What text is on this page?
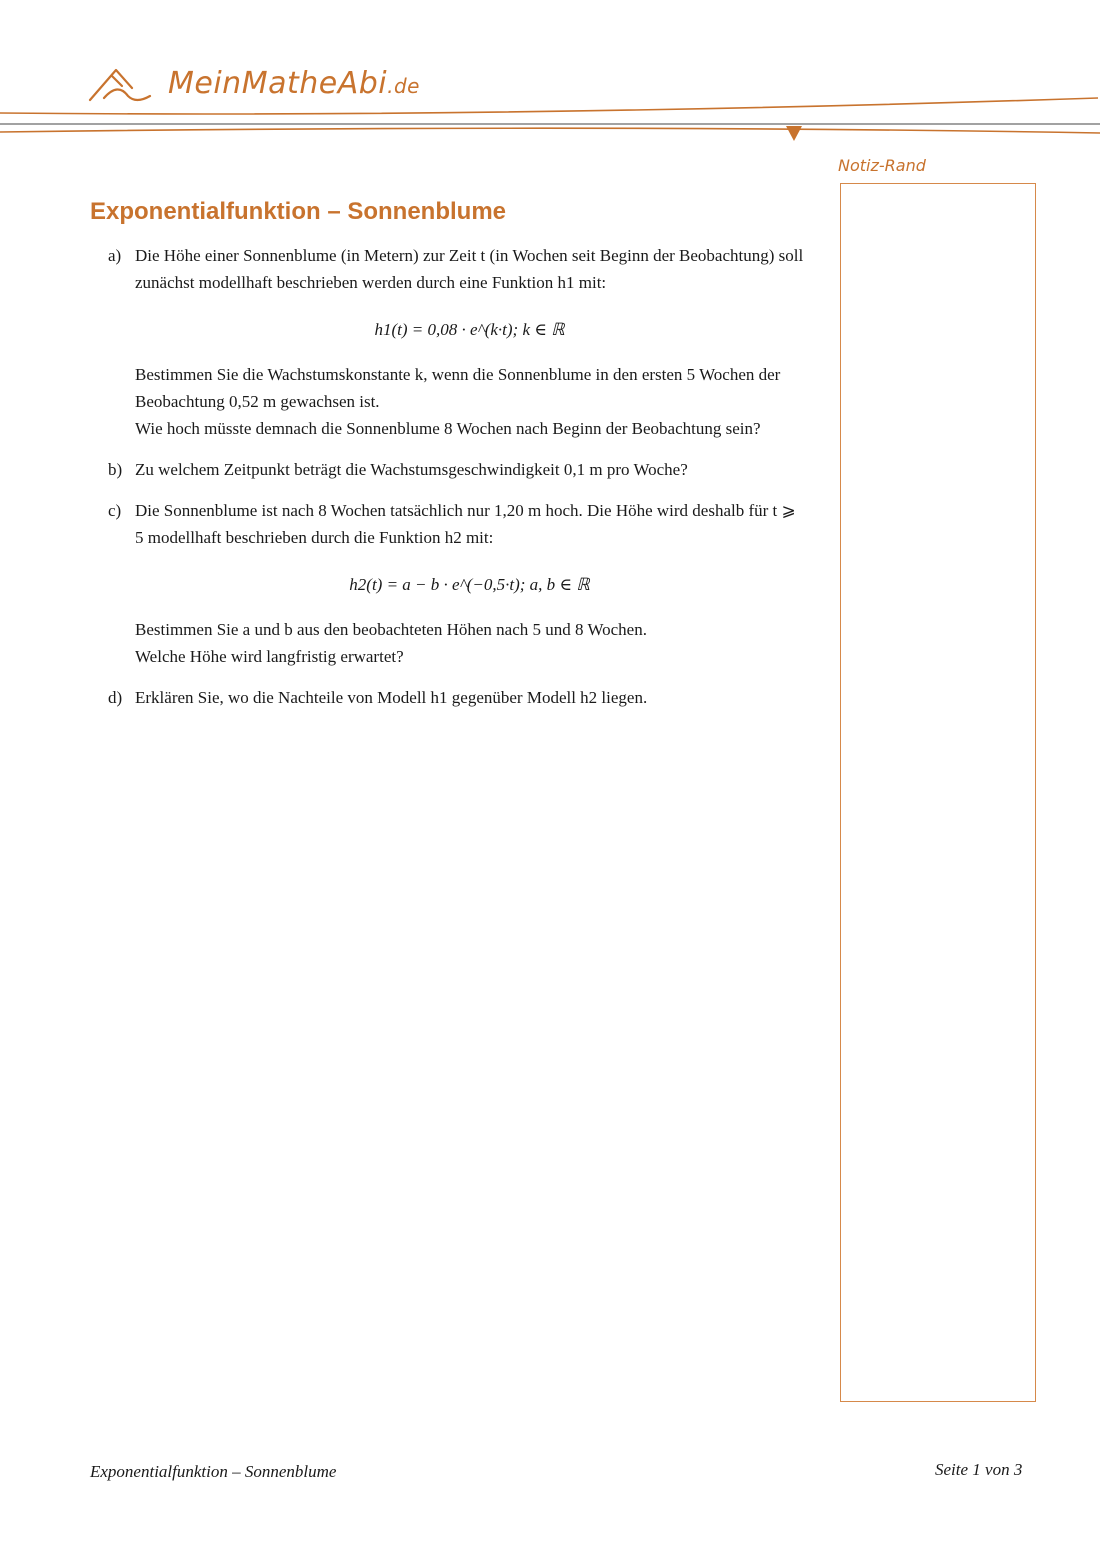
MeinMatheAbi.de
Notiz-Rand
Exponentialfunktion – Sonnenblume
a) Die Höhe einer Sonnenblume (in Metern) zur Zeit t (in Wochen seit Beginn der Beobachtung) soll zunächst modellhaft beschrieben werden durch eine Funktion h1 mit:

h1(t) = 0,08 · e^(k·t); k ∈ ℝ

Bestimmen Sie die Wachstumskonstante k, wenn die Sonnenblume in den ersten 5 Wochen der Beobachtung 0,52 m gewachsen ist.

Wie hoch müsste demnach die Sonnenblume 8 Wochen nach Beginn der Beobachtung sein?

b) Zu welchem Zeitpunkt beträgt die Wachstumsgeschwindigkeit 0,1 m pro Woche?

c) Die Sonnenblume ist nach 8 Wochen tatsächlich nur 1,20 m hoch. Die Höhe wird deshalb für t ⩾ 5 modellhaft beschrieben durch die Funktion h2 mit:

h2(t) = a − b · e^(−0,5·t); a, b ∈ ℝ

Bestimmen Sie a und b aus den beobachteten Höhen nach 5 und 8 Wochen.

Welche Höhe wird langfristig erwartet?

d) Erklären Sie, wo die Nachteile von Modell h1 gegenüber Modell h2 liegen.

Exponentialfunktion – Sonnenblume	Seite 1 von 3
